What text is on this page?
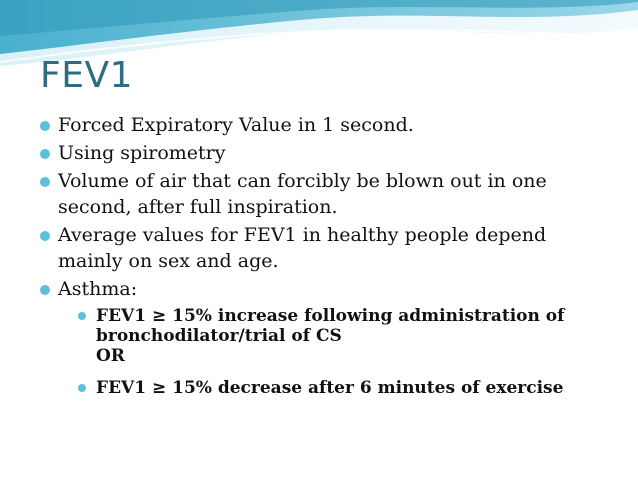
FEV1
Forced Expiratory Value in 1 second.
Using spirometry
Volume of air that can forcibly be blown out in one
second, after full inspiration.
Average values for FEV1 in healthy people depend
mainly on sex and age.
Asthma:
FEV1 ≥ 15% increase following administration of
bronchodilator/trial of CS
OR
FEV1 ≥ 15% decrease after 6 minutes of exercise
